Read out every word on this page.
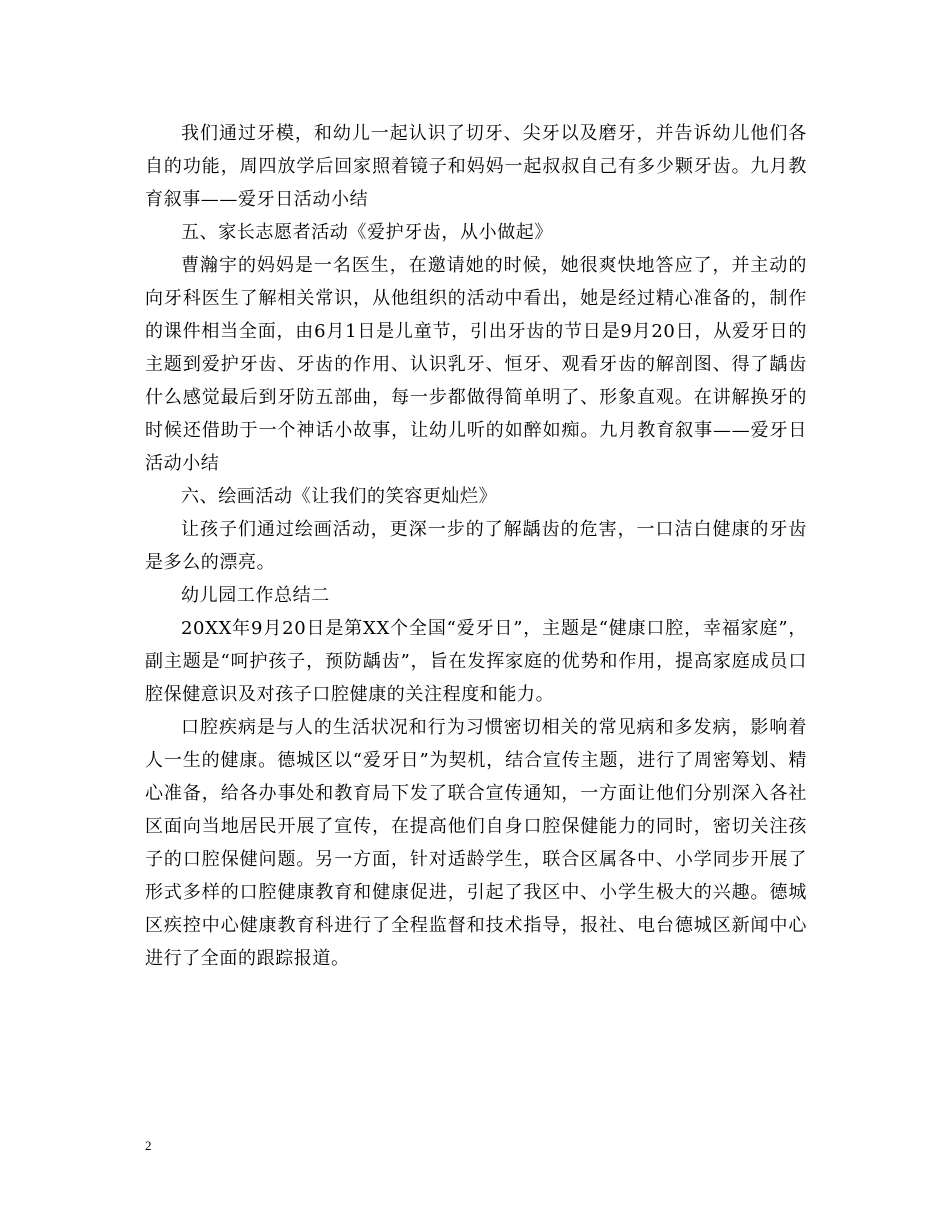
我们通过牙模，和幼儿一起认识了切牙、尖牙以及磨牙，并告诉幼儿他们各自的功能，周四放学后回家照着镜子和妈妈一起叔叔自己有多少颗牙齿。九月教育叙事——爱牙日活动小结

五、家长志愿者活动《爱护牙齿，从小做起》

曹瀚宇的妈妈是一名医生，在邀请她的时候，她很爽快地答应了，并主动的向牙科医生了解相关常识，从他组织的活动中看出，她是经过精心准备的，制作的课件相当全面，由6月1日是儿童节，引出牙齿的节日是9月20日，从爱牙日的主题到爱护牙齿、牙齿的作用、认识乳牙、恒牙、观看牙齿的解剖图、得了龋齿什么感觉最后到牙防五部曲，每一步都做得简单明了、形象直观。在讲解换牙的时候还借助于一个神话小故事，让幼儿听的如醉如痴。九月教育叙事——爱牙日活动小结

六、绘画活动《让我们的笑容更灿烂》

让孩子们通过绘画活动，更深一步的了解龋齿的危害，一口洁白健康的牙齿是多么的漂亮。

幼儿园工作总结二

20XX年9月20日是第XX个全国“爱牙日”，主题是“健康口腔，幸福家庭”，副主题是“呵护孩子，预防龋齿”，旨在发挥家庭的优势和作用，提高家庭成员口腔保健意识及对孩子口腔健康的关注程度和能力。

口腔疾病是与人的生活状况和行为习惯密切相关的常见病和多发病，影响着人一生的健康。德城区以“爱牙日”为契机，结合宣传主题，进行了周密筹划、精心准备，给各办事处和教育局下发了联合宣传通知，一方面让他们分别深入各社区面向当地居民开展了宣传，在提高他们自身口腔保健能力的同时，密切关注孩子的口腔保健问题。另一方面，针对适龄学生，联合区属各中、小学同步开展了形式多样的口腔健康教育和健康促进，引起了我区中、小学生极大的兴趣。德城区疾控中心健康教育科进行了全程监督和技术指导，报社、电台德城区新闻中心进行了全面的跟踪报道。

2
